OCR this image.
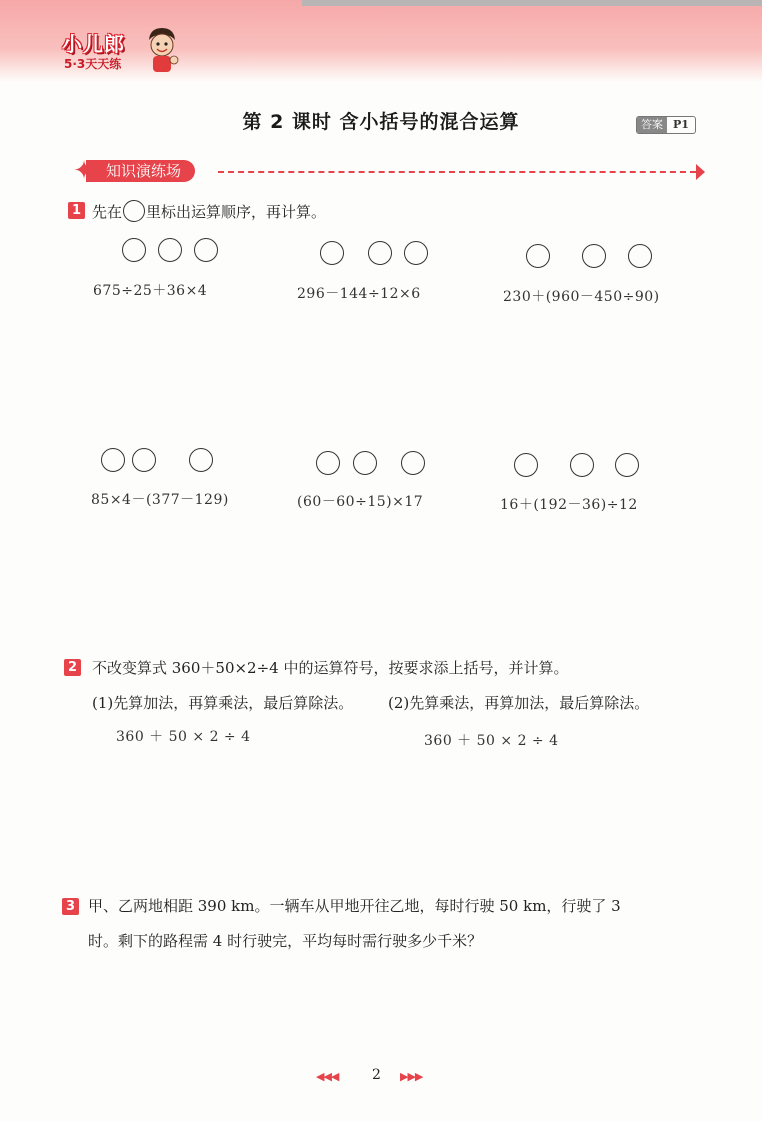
小儿郎
5·3天天练
第 2 课时 含小括号的混合运算	答案 P1
知识演练场
✦
1 先在 里标出运算顺序，再计算。
675÷25＋36×4	296－144÷12×6	230＋(960－450÷90)
85×4－(377－129)	(60－60÷15)×17	16＋(192－36)÷12
2 不改变算式 360＋50×2÷4 中的运算符号，按要求添上括号，并计算。
(1)先算加法，再算乘法，最后算除法。 (2)先算乘法，再算加法，最后算除法。
360 ＋ 50 × 2 ÷ 4	360 ＋ 50 × 2 ÷ 4
3 甲、乙两地相距 390 km。一辆车从甲地开往乙地，每时行驶 50 km，行驶了 3
时。剩下的路程需 4 时行驶完，平均每时需行驶多少千米？
◀◀◀ 2 ▶▶▶
